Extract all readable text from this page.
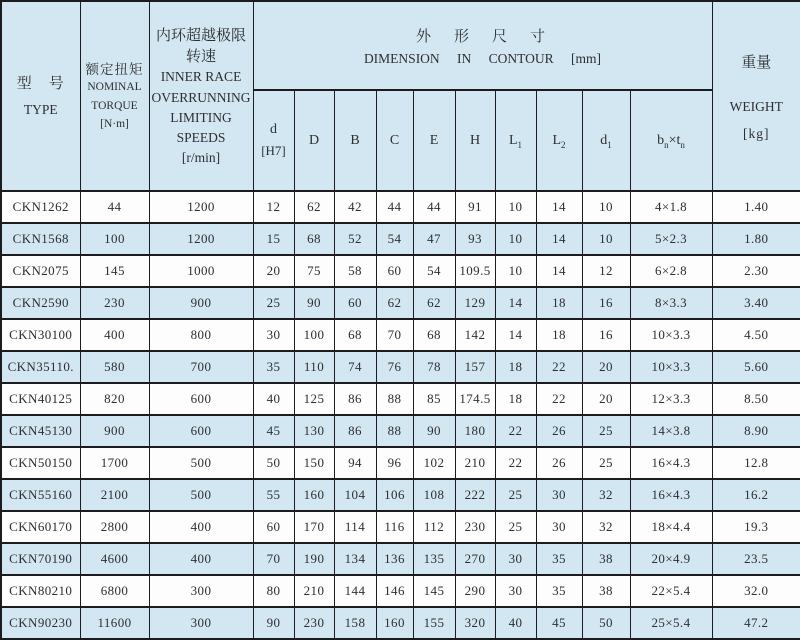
型　号
TYPE	额定扭矩
NOMINAL
TORQUE
[N·m]	内环超越极限转速
INNER RACE
OVERRUNNING
LIMITING SPEEDS
[r/min]	外　形　尺　寸
DIMENSION IN CONTOUR [mm]										重量
WEIGHT
[kg]

			d
[H7]	D	B	C	E	H	$L_1$	$L_2$	$d_1$	$b_n\times t_n$
CKN1262	44	1200	12	62	42	44	44	91	10	14	10	4×1.8	1.40
CKN1568	100	1200	15	68	52	54	47	93	10	14	10	5×2.3	1.80
CKN2075	145	1000	20	75	58	60	54	109.5	10	14	12	6×2.8	2.30
CKN2590	230	900	25	90	60	62	62	129	14	18	16	8×3.3	3.40
CKN30100	400	800	30	100	68	70	68	142	14	18	16	10×3.3	4.50
CKN35110.	580	700	35	110	74	76	78	157	18	22	20	10×3.3	5.60
CKN40125	820	600	40	125	86	88	85	174.5	18	22	20	12×3.3	8.50
CKN45130	900	600	45	130	86	88	90	180	22	26	25	14×3.8	8.90
CKN50150	1700	500	50	150	94	96	102	210	22	26	25	16×4.3	12.8
CKN55160	2100	500	55	160	104	106	108	222	25	30	32	16×4.3	16.2
CKN60170	2800	400	60	170	114	116	112	230	25	30	32	18×4.4	19.3
CKN70190	4600	400	70	190	134	136	135	270	30	35	38	20×4.9	23.5
CKN80210	6800	300	80	210	144	146	145	290	30	35	38	22×5.4	32.0
CKN90230	11600	300	90	230	158	160	155	320	40	45	50	25×5.4	47.2
